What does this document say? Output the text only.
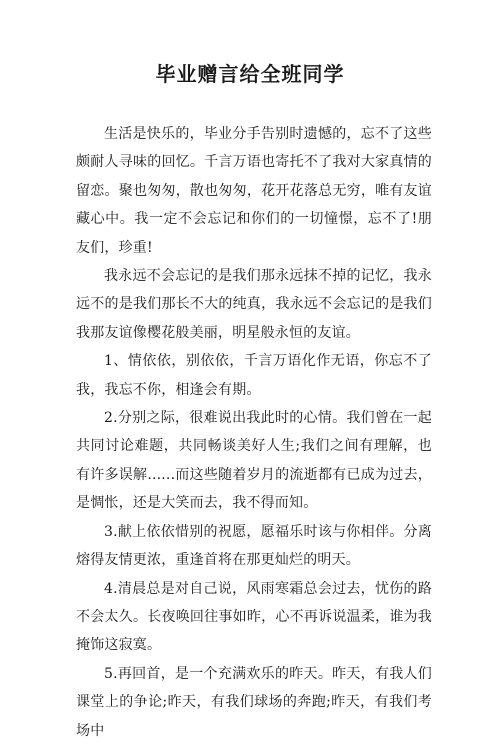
毕业赠言给全班同学

生活是快乐的，毕业分手告别时遗憾的，忘不了这些颇耐人寻味的回忆。千言万语也寄托不了我对大家真情的留恋。聚也匆匆，散也匆匆，花开花落总无穷，唯有友谊藏心中。我一定不会忘记和你们的一切憧憬，忘不了!朋友们，珍重!

我永远不会忘记的是我们那永远抹不掉的记忆，我永远不的是我们那长不大的纯真，我永远不会忘记的是我们我那友谊像樱花般美丽，明星般永恒的友谊。

1、情依依，别依依，千言万语化作无语，你忘不了我，我忘不你，相逢会有期。

2.分别之际，很难说出我此时的心情。我们曾在一起共同讨论难题，共同畅谈美好人生;我们之间有理解，也有许多误解......而这些随着岁月的流逝都有已成为过去，是惆怅，还是大笑而去，我不得而知。

3.献上依依惜别的祝愿，愿福乐时该与你相伴。分离熔得友情更浓，重逢首将在那更灿烂的明天。

4.清晨总是对自己说，风雨寒霜总会过去，忧伤的路不会太久。长夜唤回往事如昨，心不再诉说温柔，谁为我掩饰这寂寞。

5.再回首，是一个充满欢乐的昨天。昨天，有我人们课堂上的争论;昨天，有我们球场的奔跑;昨天，有我们考场中
